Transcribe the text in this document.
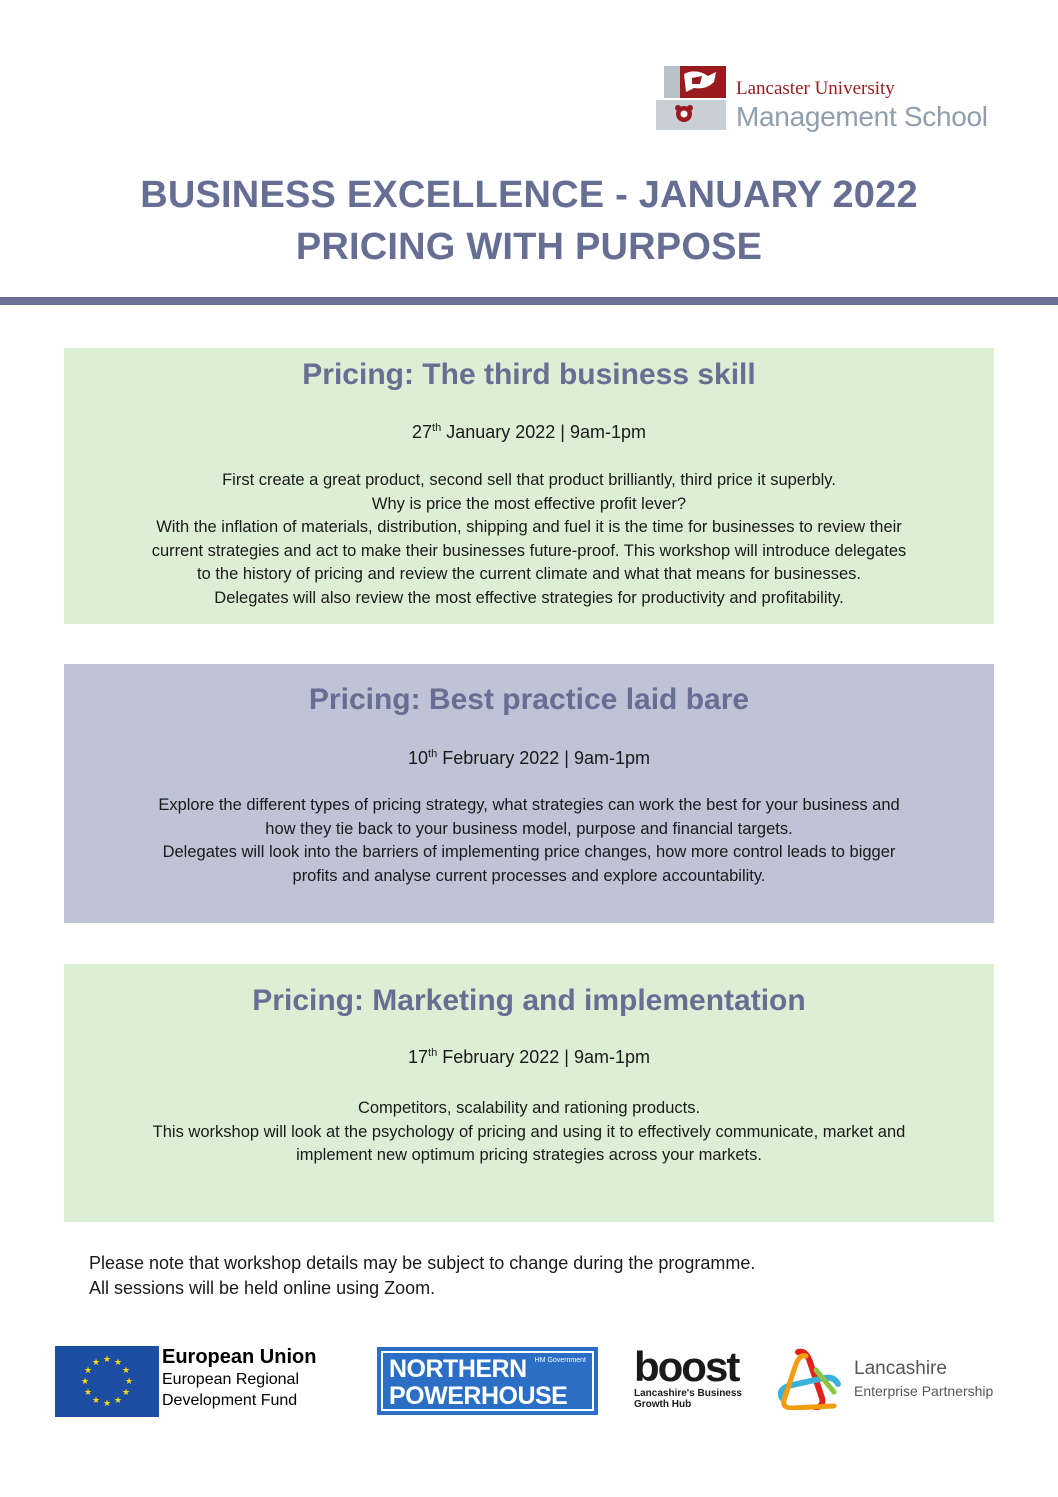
Lancaster University
Management School
BUSINESS EXCELLENCE - JANUARY 2022
PRICING WITH PURPOSE
Pricing: The third business skill
27th January 2022 | 9am-1pm
First create a great product, second sell that product brilliantly, third price it superbly.
Why is price the most effective profit lever?
With the inflation of materials, distribution, shipping and fuel it is the time for businesses to review their
current strategies and act to make their businesses future-proof. This workshop will introduce delegates
to the history of pricing and review the current climate and what that means for businesses.
Delegates will also review the most effective strategies for productivity and profitability.
Pricing: Best practice laid bare
10th February 2022 | 9am-1pm
Explore the different types of pricing strategy, what strategies can work the best for your business and
how they tie back to your business model, purpose and financial targets.
Delegates will look into the barriers of implementing price changes, how more control leads to bigger
profits and analyse current processes and explore accountability.
Pricing: Marketing and implementation
17th February 2022 | 9am-1pm
Competitors, scalability and rationing products.
This workshop will look at the psychology of pricing and using it to effectively communicate, market and
implement new optimum pricing strategies across your markets.
Please note that workshop details may be subject to change during the programme.
All sessions will be held online using Zoom.
★ ★
★
★
★
★
★
★
★
★
★
★	European Union
European Regional
Development Fund
NORTHERN
POWERHOUSE
HM Government boost
Lancashire's Business
Growth Hub
Lancashire
Enterprise Partnership
